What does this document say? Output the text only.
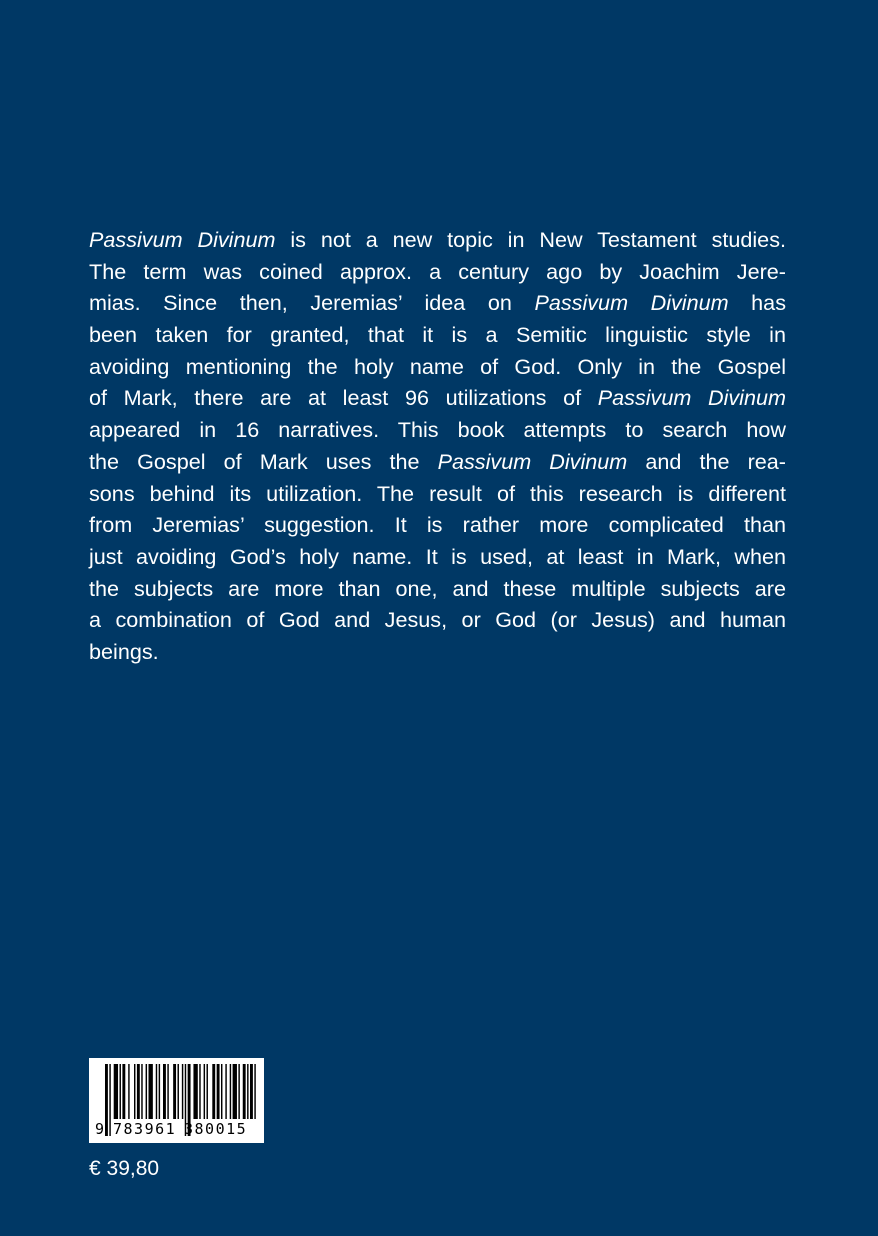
Passivum Divinum is not a new topic in New Testament studies.
The term was coined approx. a century ago by Joachim Jere-
mias. Since then, Jeremias’ idea on Passivum Divinum has
been taken for granted, that it is a Semitic linguistic style in
avoiding mentioning the holy name of God. Only in the Gospel
of Mark, there are at least 96 utilizations of Passivum Divinum
appeared in 16 narratives. This book attempts to search how
the Gospel of Mark uses the Passivum Divinum and the rea-
sons behind its utilization. The result of this research is different
from Jeremias’ suggestion. It is rather more complicated than
just avoiding God’s holy name. It is used, at least in Mark, when
the subjects are more than one, and these multiple subjects are
a combination of God and Jesus, or God (or Jesus) and human
beings.
9 783961 380015
€ 39,80
